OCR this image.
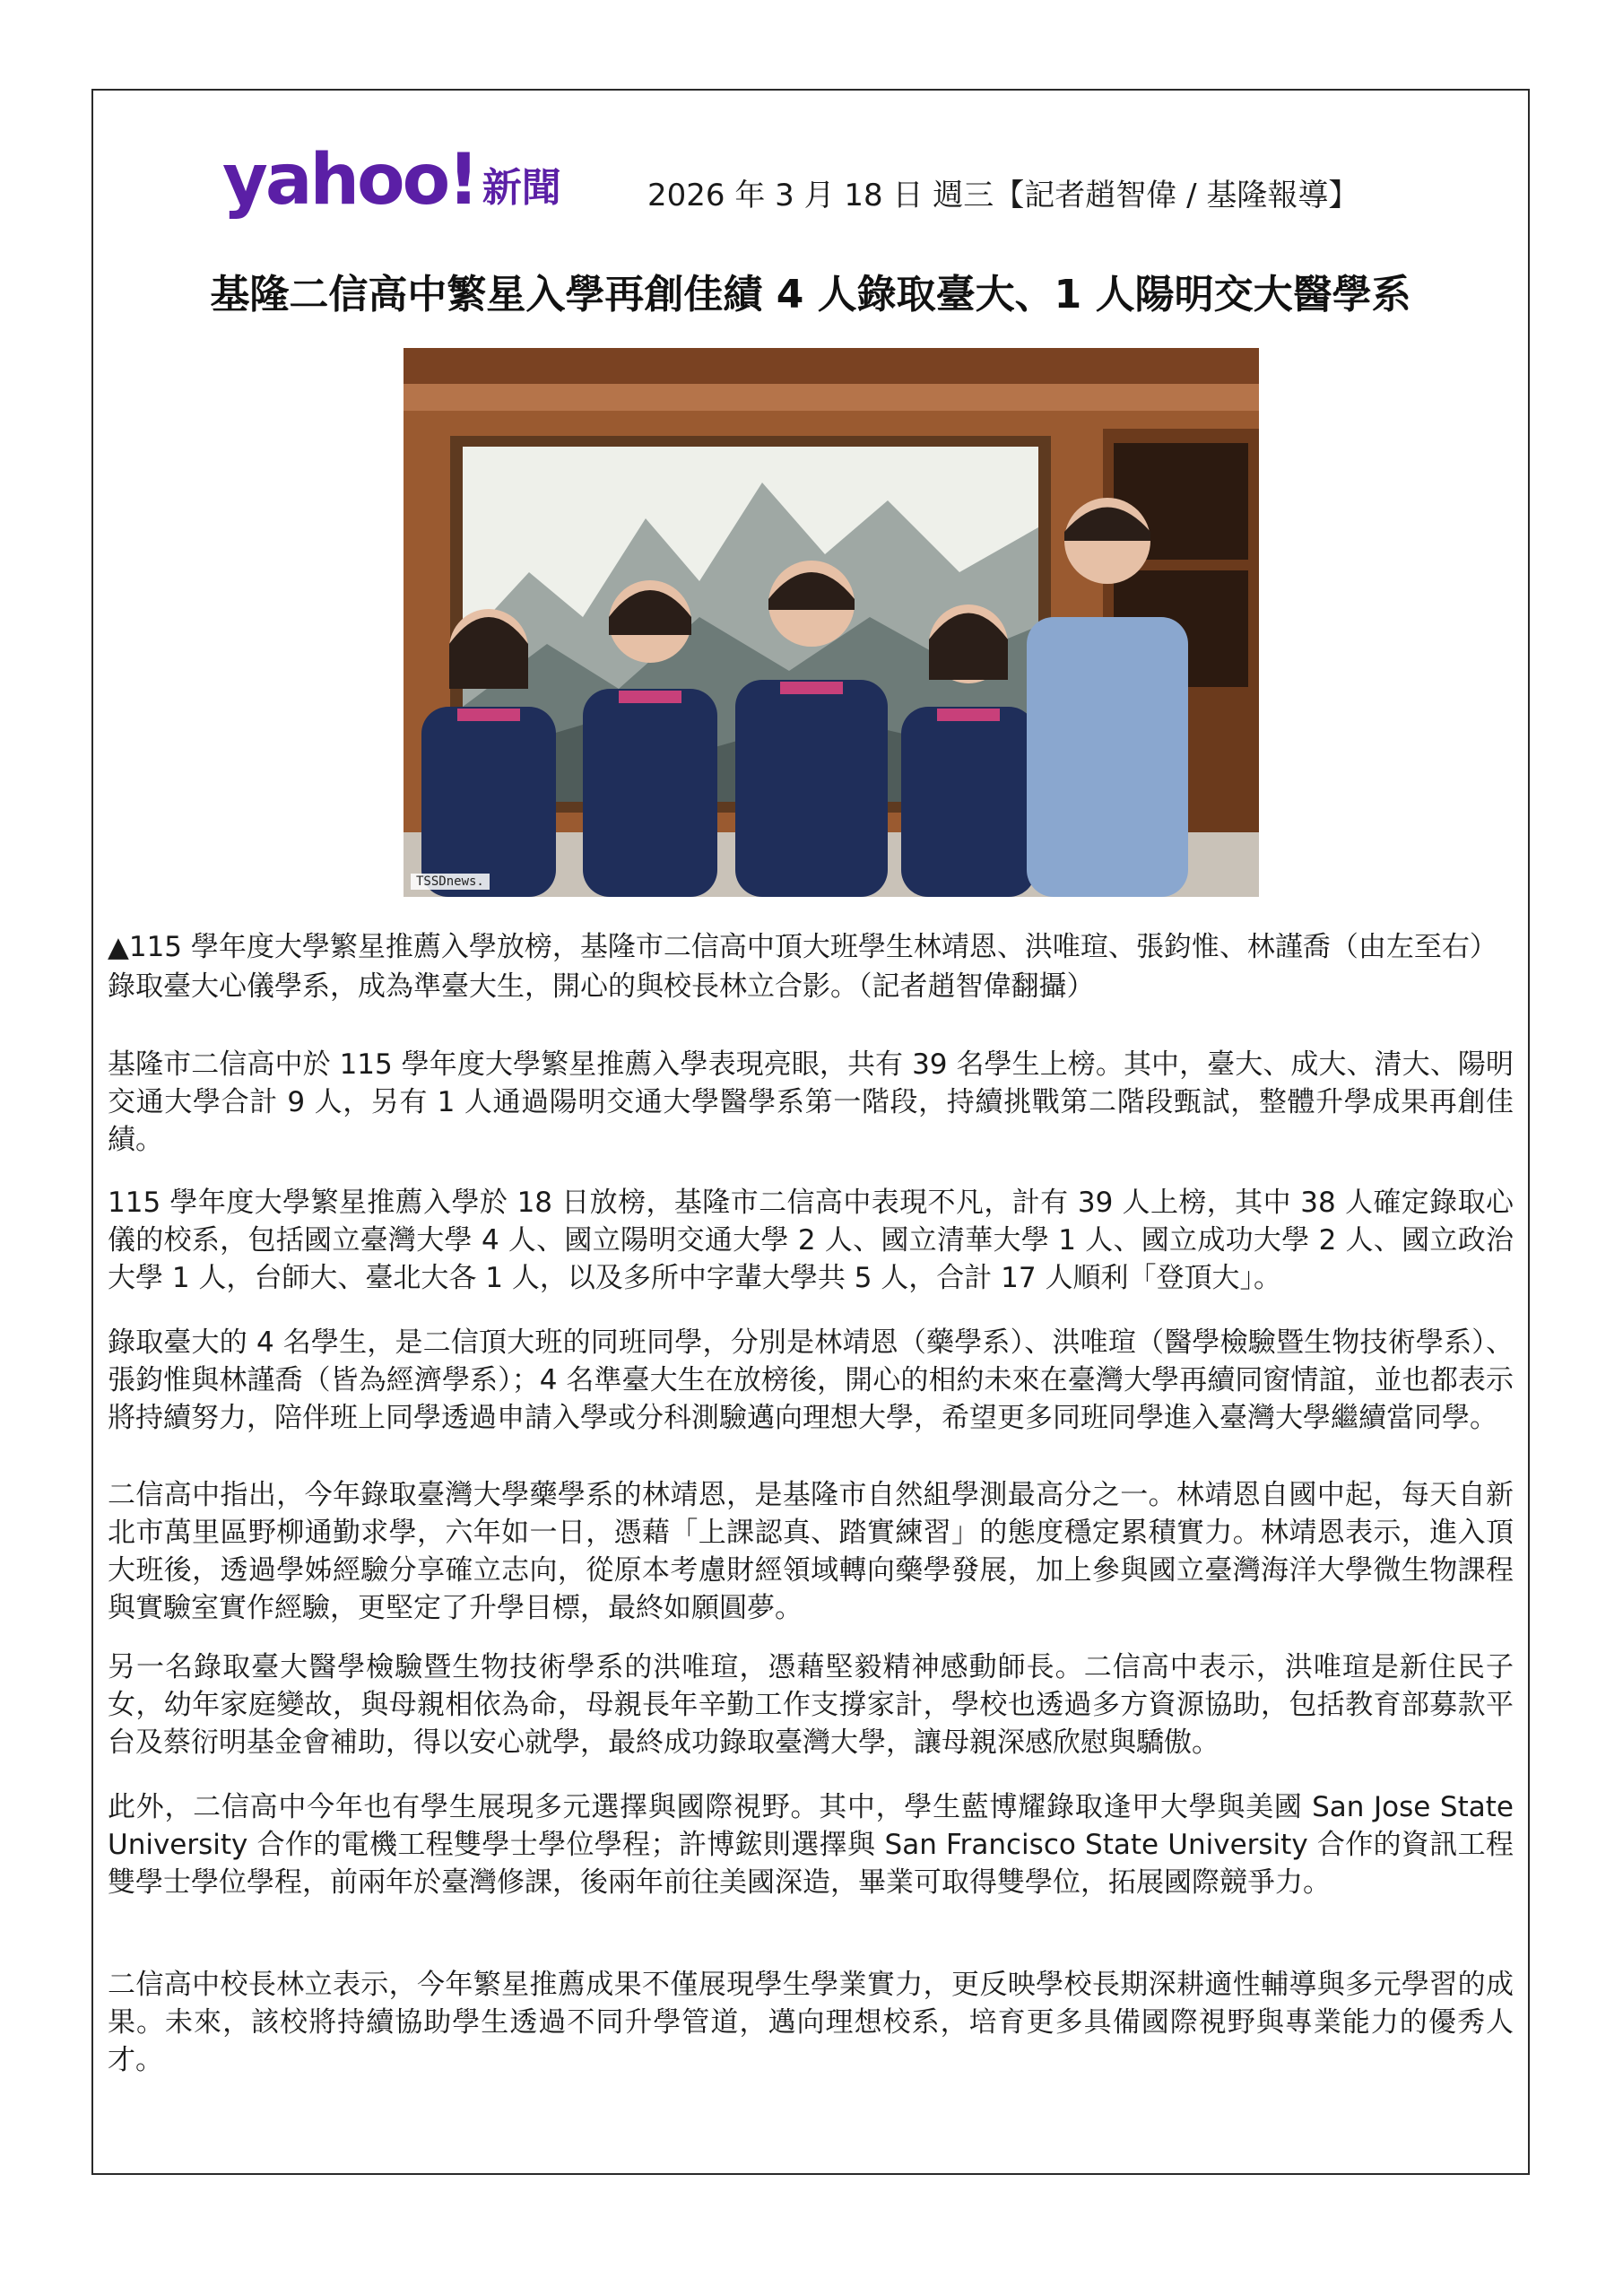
yahoo! 新聞	2026 年 3 月 18 日 週三【記者趙智偉 / 基隆報導】
基隆二信高中繁星入學再創佳績 4 人錄取臺大、1 人陽明交大醫學系
TSSDnews.
▲115 學年度大學繁星推薦入學放榜，基隆市二信高中頂大班學生林靖恩、洪唯瑄、張鈞惟、林謹喬（由左至右）錄取臺大心儀學系，成為準臺大生，開心的與校長林立合影。（記者趙智偉翻攝）
基隆市二信高中於 115 學年度大學繁星推薦入學表現亮眼，共有 39 名學生上榜。其中，臺大、成大、清大、陽明交通大學合計 9 人，另有 1 人通過陽明交通大學醫學系第一階段，持續挑戰第二階段甄試，整體升學成果再創佳績。
115 學年度大學繁星推薦入學於 18 日放榜，基隆市二信高中表現不凡，計有 39 人上榜，其中 38 人確定錄取心儀的校系，包括國立臺灣大學 4 人、國立陽明交通大學 2 人、國立清華大學 1 人、國立成功大學 2 人、國立政治大學 1 人，台師大、臺北大各 1 人，以及多所中字輩大學共 5 人，合計 17 人順利「登頂大」。
錄取臺大的 4 名學生，是二信頂大班的同班同學，分別是林靖恩（藥學系）、洪唯瑄（醫學檢驗暨生物技術學系）、張鈞惟與林謹喬（皆為經濟學系）；4 名準臺大生在放榜後，開心的相約未來在臺灣大學再續同窗情誼，並也都表示將持續努力，陪伴班上同學透過申請入學或分科測驗邁向理想大學，希望更多同班同學進入臺灣大學繼續當同學。
二信高中指出，今年錄取臺灣大學藥學系的林靖恩，是基隆市自然組學測最高分之一。林靖恩自國中起，每天自新北市萬里區野柳通勤求學，六年如一日，憑藉「上課認真、踏實練習」的態度穩定累積實力。林靖恩表示，進入頂大班後，透過學姊經驗分享確立志向，從原本考慮財經領域轉向藥學發展，加上參與國立臺灣海洋大學微生物課程與實驗室實作經驗，更堅定了升學目標，最終如願圓夢。
另一名錄取臺大醫學檢驗暨生物技術學系的洪唯瑄，憑藉堅毅精神感動師長。二信高中表示，洪唯瑄是新住民子女，幼年家庭變故，與母親相依為命，母親長年辛勤工作支撐家計，學校也透過多方資源協助，包括教育部募款平台及蔡衍明基金會補助，得以安心就學，最終成功錄取臺灣大學，讓母親深感欣慰與驕傲。
此外，二信高中今年也有學生展現多元選擇與國際視野。其中，學生藍博耀錄取逢甲大學與美國 San Jose State University 合作的電機工程雙學士學位學程；許博鋐則選擇與 San Francisco State University 合作的資訊工程雙學士學位學程，前兩年於臺灣修課，後兩年前往美國深造，畢業可取得雙學位，拓展國際競爭力。
二信高中校長林立表示，今年繁星推薦成果不僅展現學生學業實力，更反映學校長期深耕適性輔導與多元學習的成果。未來，該校將持續協助學生透過不同升學管道，邁向理想校系，培育更多具備國際視野與專業能力的優秀人才。
